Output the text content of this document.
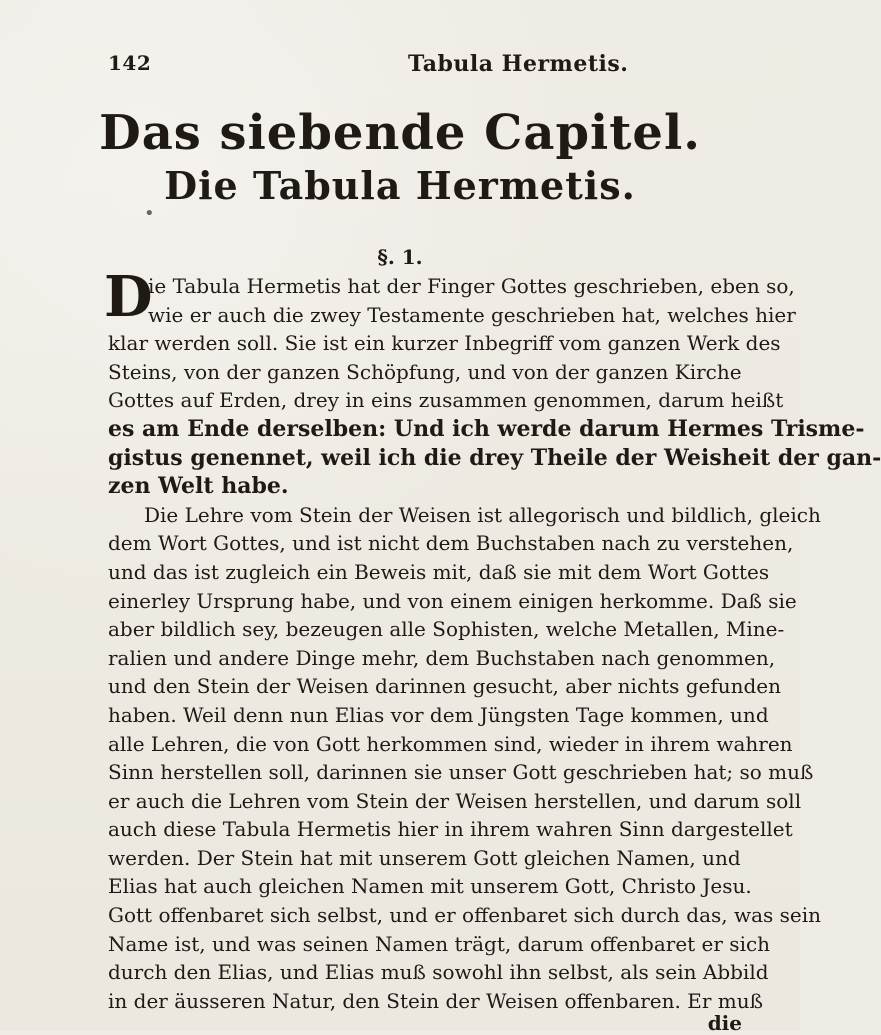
142	Tabula Hermetis.
Das siebende Capitel.
Die Tabula Hermetis.
•
§. 1.
D
ie Tabula Hermetis hat der Finger Gottes geschrieben, eben so,
wie er auch die zwey Testamente geschrieben hat, welches hier
klar werden soll. Sie ist ein kurzer Inbegriff vom ganzen Werk des
Steins, von der ganzen Schöpfung, und von der ganzen Kirche
Gottes auf Erden, drey in eins zusammen genommen, darum heißt
es am Ende derselben: Und ich werde darum Hermes Trisme-
gistus genennet, weil ich die drey Theile der Weisheit der gan-
zen Welt habe.
Die Lehre vom Stein der Weisen ist allegorisch und bildlich, gleich
dem Wort Gottes, und ist nicht dem Buchstaben nach zu verstehen,
und das ist zugleich ein Beweis mit, daß sie mit dem Wort Gottes
einerley Ursprung habe, und von einem einigen herkomme. Daß sie
aber bildlich sey, bezeugen alle Sophisten, welche Metallen, Mine-
ralien und andere Dinge mehr, dem Buchstaben nach genommen,
und den Stein der Weisen darinnen gesucht, aber nichts gefunden
haben. Weil denn nun Elias vor dem Jüngsten Tage kommen, und
alle Lehren, die von Gott herkommen sind, wieder in ihrem wahren
Sinn herstellen soll, darinnen sie unser Gott geschrieben hat; so muß
er auch die Lehren vom Stein der Weisen herstellen, und darum soll
auch diese Tabula Hermetis hier in ihrem wahren Sinn dargestellet
werden. Der Stein hat mit unserem Gott gleichen Namen, und
Elias hat auch gleichen Namen mit unserem Gott, Christo Jesu.
Gott offenbaret sich selbst, und er offenbaret sich durch das, was sein
Name ist, und was seinen Namen trägt, darum offenbaret er sich
durch den Elias, und Elias muß sowohl ihn selbst, als sein Abbild
in der äusseren Natur, den Stein der Weisen offenbaren. Er muß
die
